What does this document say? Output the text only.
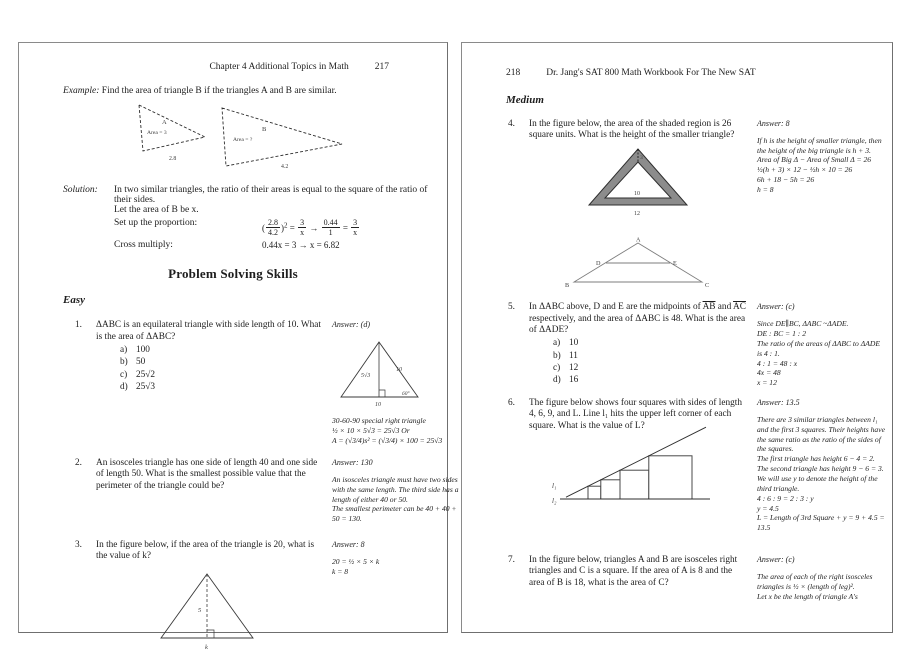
Chapter 4 Additional Topics in Math	217
Example: Find the area of triangle B if the triangles A and B are similar.
A
Area = 3
2.8
B
Area = ?
4.2
Solution:	In two similar triangles, the ratio of their areas is equal to the square of the ratio of their sides.
Let the area of B be x.
Set up the proportion:	( $\frac{2.8}{4.2} )^2 = \frac{3}{x} \to \frac{0.44}{1} = \frac{3}{x}$
Cross multiply:	0.44x = 3 → x = 6.82
Problem Solving Skills
Easy
1.	ΔABC is an equilateral triangle with side length of 10. What is the area of ΔABC?
a) 100
b) 50
c) 25√2
d) 25√3
Answer: (d)
5√3
10
60°
10
30-60-90 special right triangle
½ × 10 × 5√3 = 25√3 Or
A = (√3/4)s² = (√3/4) × 100 = 25√3
2.	An isosceles triangle has one side of length 40 and one side of length 50. What is the smallest possible value that the perimeter of the triangle could be?
Answer: 130
An isosceles triangle must have two sides with the same length. The third side has a length of either 40 or 50.
The smallest perimeter can be 40 + 40 + 50 = 130.
3.	In the figure below, if the area of the triangle is 20, what is the value of k?
5
k
Answer: 8
20 = ½ × 5 × k
k = 8
218	Dr. Jang's SAT 800 Math Workbook For The New SAT
Medium
4.	In the figure below, the area of the shaded region is 26 square units. What is the height of the smaller triangle?
3
10
12
A
D	E
B	C
Answer: 8
If h is the height of smaller triangle, then the height of the big triangle is h + 3.
Area of Big Δ − Area of Small Δ = 26
½(h + 3) × 12 − ½h × 10 = 26
6h + 18 − 5h = 26
h = 8
5.	In ΔABC above, D and E are the midpoints of $\overline{AB}$ and $\overline{AC}$ respectively, and the area of ΔABC is 48. What is the area of ΔADE?
a) 10
b) 11
c) 12
d) 16
Answer: (c)
Since DE∥BC, ΔABC ~ΔADE.
DE : BC = 1 : 2
The ratio of the areas of ΔABC to ΔADE is 4 : 1.
4 : 1 = 48 : x
4x = 48
x = 12
6.	The figure below shows four squares with sides of length 4, 6, 9, and L. Line l₁ hits the upper left corner of each square. What is the value of L?
l₁
l₂
Answer: 13.5
There are 3 similar triangles between l₁ and the first 3 squares. Their heights have the same ratio as the ratio of the sides of the squares.
The first triangle has height 6 − 4 = 2. The second triangle has height 9 − 6 = 3. We will use y to denote the height of the third triangle.
4 : 6 : 9 = 2 : 3 : y
y = 4.5
L = Length of 3rd Square + y = 9 + 4.5 = 13.5
7.	In the figure below, triangles A and B are isosceles right triangles and C is a square. If the area of A is 8 and the area of B is 18, what is the area of C?
Answer: (c)
The area of each of the right isosceles triangles is ½ × (length of leg)².
Let x be the length of triangle A's
